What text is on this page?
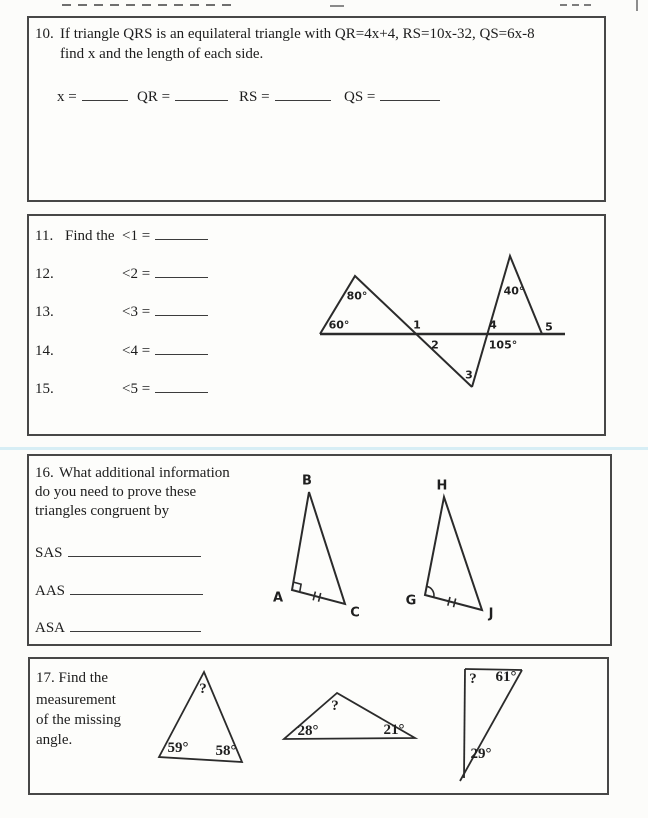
10. If triangle QRS is an equilateral triangle with QR=4x+4, RS=10x-32, QS=6x-8
find x and the length of each side.
x =	QR =	RS =	QS =
11. Find the <1 =
12.	<2 =
13.	<3 =
14.	<4 =
15.	<5 =
80°
60°	1
2
3
4
105°
5
40°
16. What additional information
do you need to prove these
triangles congruent by
SAS
AAS
ASA
B
A
C
H
G
J
17. Find the
measurement
of the missing
angle.
?
59° 58°
?
28°	21°
? 61°
29°
